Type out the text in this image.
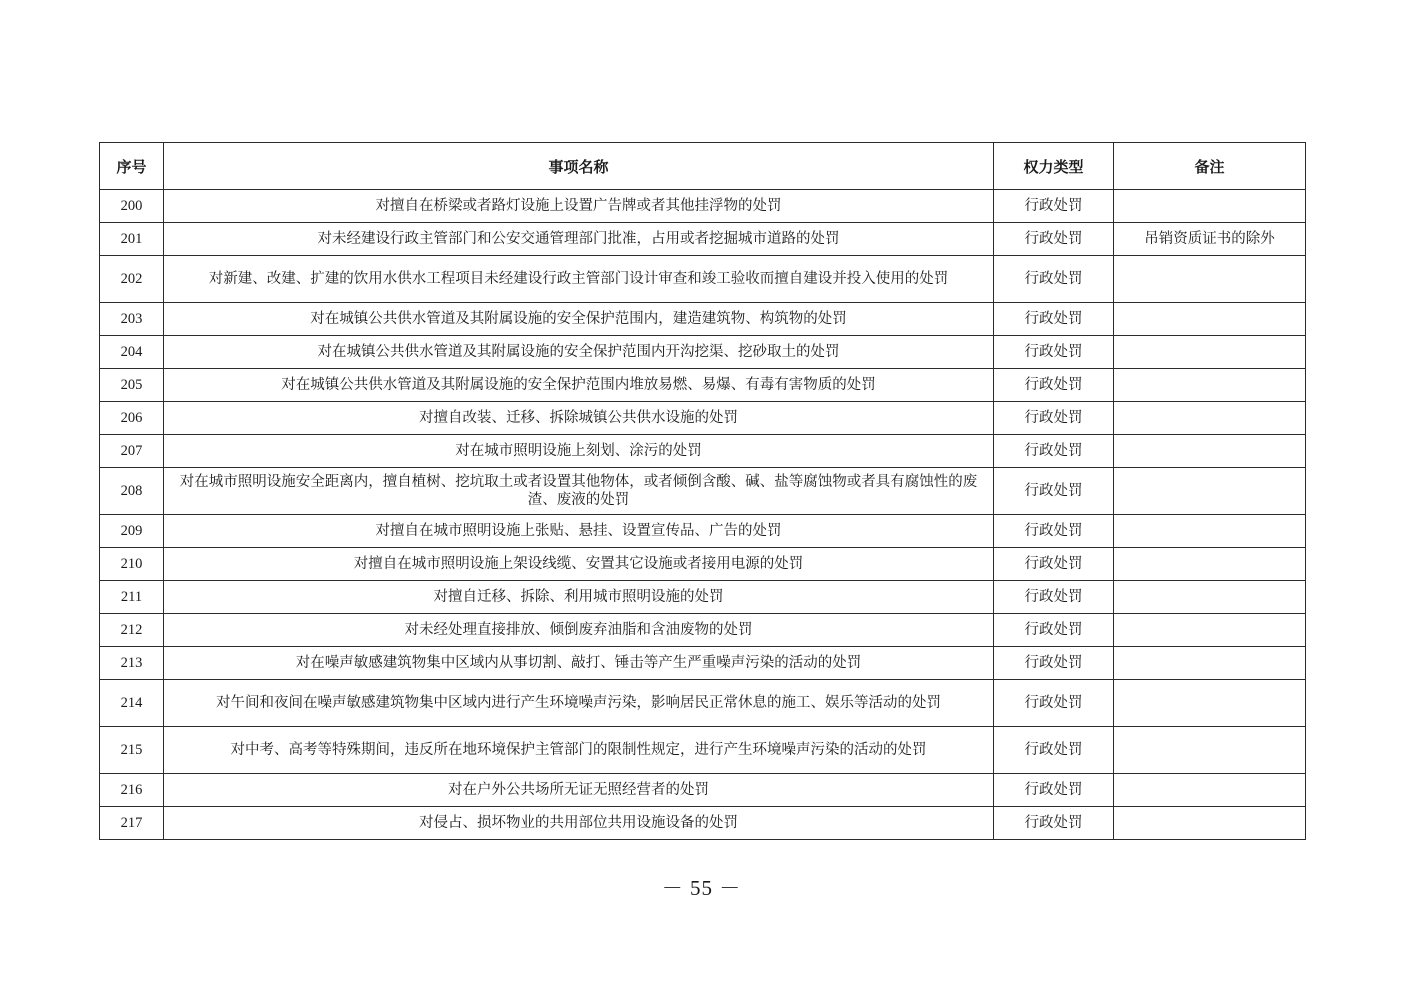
序号	事项名称	权力类型	备注
200	对擅自在桥梁或者路灯设施上设置广告牌或者其他挂浮物的处罚	行政处罚	
201	对未经建设行政主管部门和公安交通管理部门批准，占用或者挖掘城市道路的处罚	行政处罚	吊销资质证书的除外
202	对新建、改建、扩建的饮用水供水工程项目未经建设行政主管部门设计审查和竣工验收而擅自建设并投入使用的处罚	行政处罚	
203	对在城镇公共供水管道及其附属设施的安全保护范围内，建造建筑物、构筑物的处罚	行政处罚	
204	对在城镇公共供水管道及其附属设施的安全保护范围内开沟挖渠、挖砂取土的处罚	行政处罚	
205	对在城镇公共供水管道及其附属设施的安全保护范围内堆放易燃、易爆、有毒有害物质的处罚	行政处罚	
206	对擅自改装、迁移、拆除城镇公共供水设施的处罚	行政处罚	
207	对在城市照明设施上刻划、涂污的处罚	行政处罚	
208	对在城市照明设施安全距离内，擅自植树、挖坑取土或者设置其他物体，或者倾倒含酸、碱、盐等腐蚀物或者具有腐蚀性的废渣、废液的处罚	行政处罚	
209	对擅自在城市照明设施上张贴、悬挂、设置宣传品、广告的处罚	行政处罚	
210	对擅自在城市照明设施上架设线缆、安置其它设施或者接用电源的处罚	行政处罚	
211	对擅自迁移、拆除、利用城市照明设施的处罚	行政处罚	
212	对未经处理直接排放、倾倒废弃油脂和含油废物的处罚	行政处罚	
213	对在噪声敏感建筑物集中区域内从事切割、敲打、锤击等产生严重噪声污染的活动的处罚	行政处罚	
214	对午间和夜间在噪声敏感建筑物集中区域内进行产生环境噪声污染，影响居民正常休息的施工、娱乐等活动的处罚	行政处罚	
215	对中考、高考等特殊期间，违反所在地环境保护主管部门的限制性规定，进行产生环境噪声污染的活动的处罚	行政处罚	
216	对在户外公共场所无证无照经营者的处罚	行政处罚	
217	对侵占、损坏物业的共用部位共用设施设备的处罚	行政处罚	
－ 55 －
